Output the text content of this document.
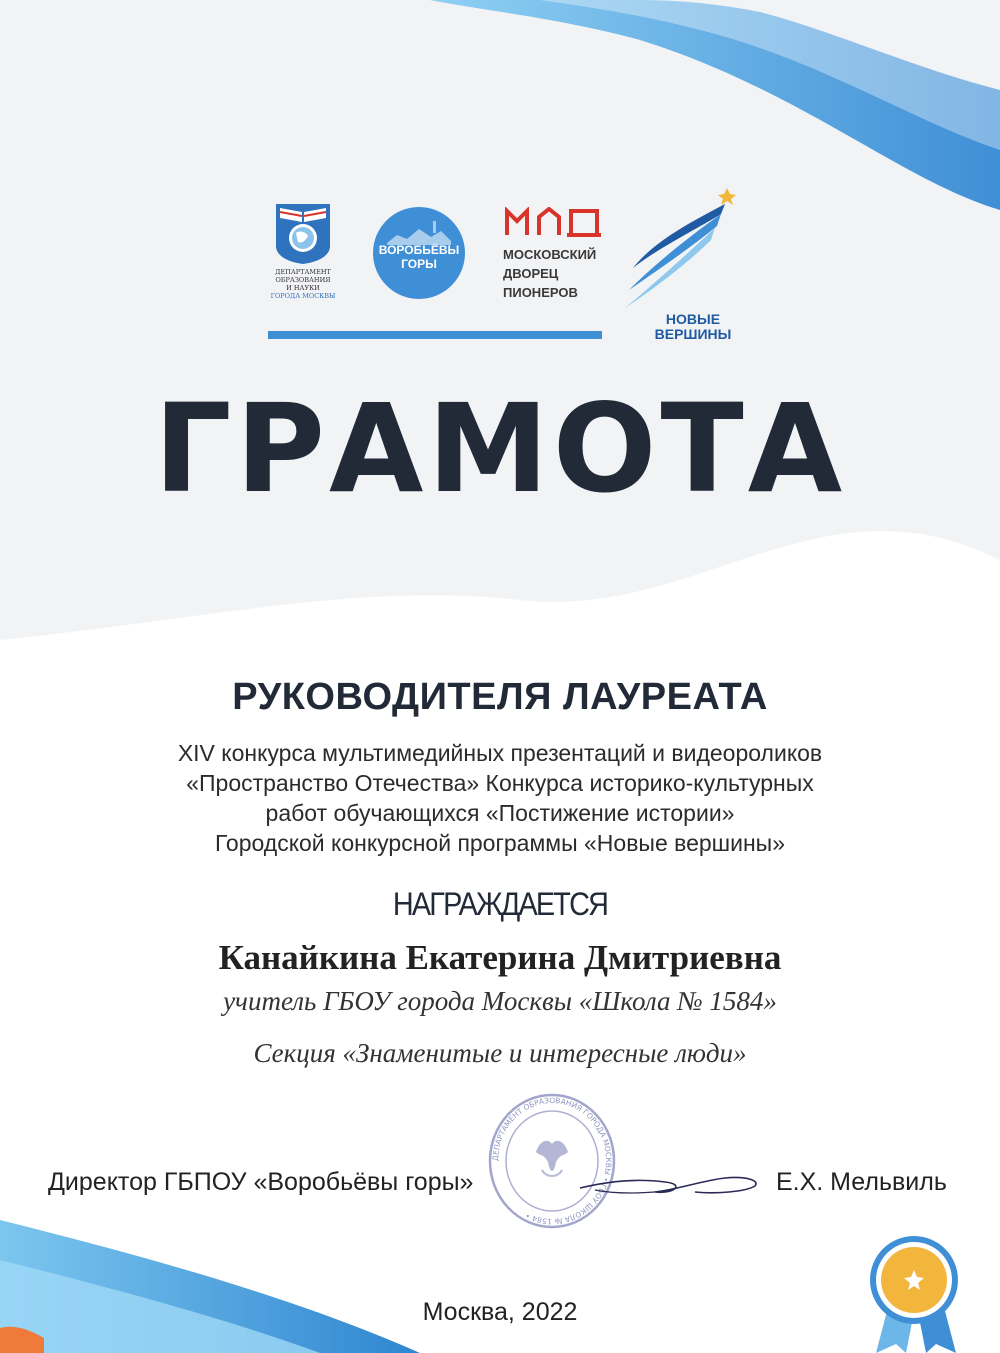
ДЕПАРТАМЕНТ
ОБРАЗОВАНИЯ
И НАУКИ
ГОРОДА МОСКВЫ
ВОРОБЬЁВЫ
ГОРЫ
МОСКОВСКИЙ
ДВОРЕЦ
ПИОНЕРОВ
НОВЫЕ
ВЕРШИНЫ
ГРАМОТА
РУКОВОДИТЕЛЯ ЛАУРЕАТА
XIV конкурса мультимедийных презентаций и видеороликов
«Пространство Отечества» Конкурса историко-культурных
работ обучающихся «Постижение истории»
Городской конкурсной программы «Новые вершины»
НАГРАЖДАЕТСЯ
Канайкина Екатерина Дмитриевна
учитель ГБОУ города Москвы «Школа № 1584»
Секция «Знаменитые и интересные люди»
ДЕПАРТАМЕНТ ОБРАЗОВАНИЯ ГОРОДА МОСКВЫ • ГБОУ ШКОЛА № 1584 •
Директор ГБПОУ «Воробьёвы горы»	Е.Х. Мельвиль
Москва, 2022
